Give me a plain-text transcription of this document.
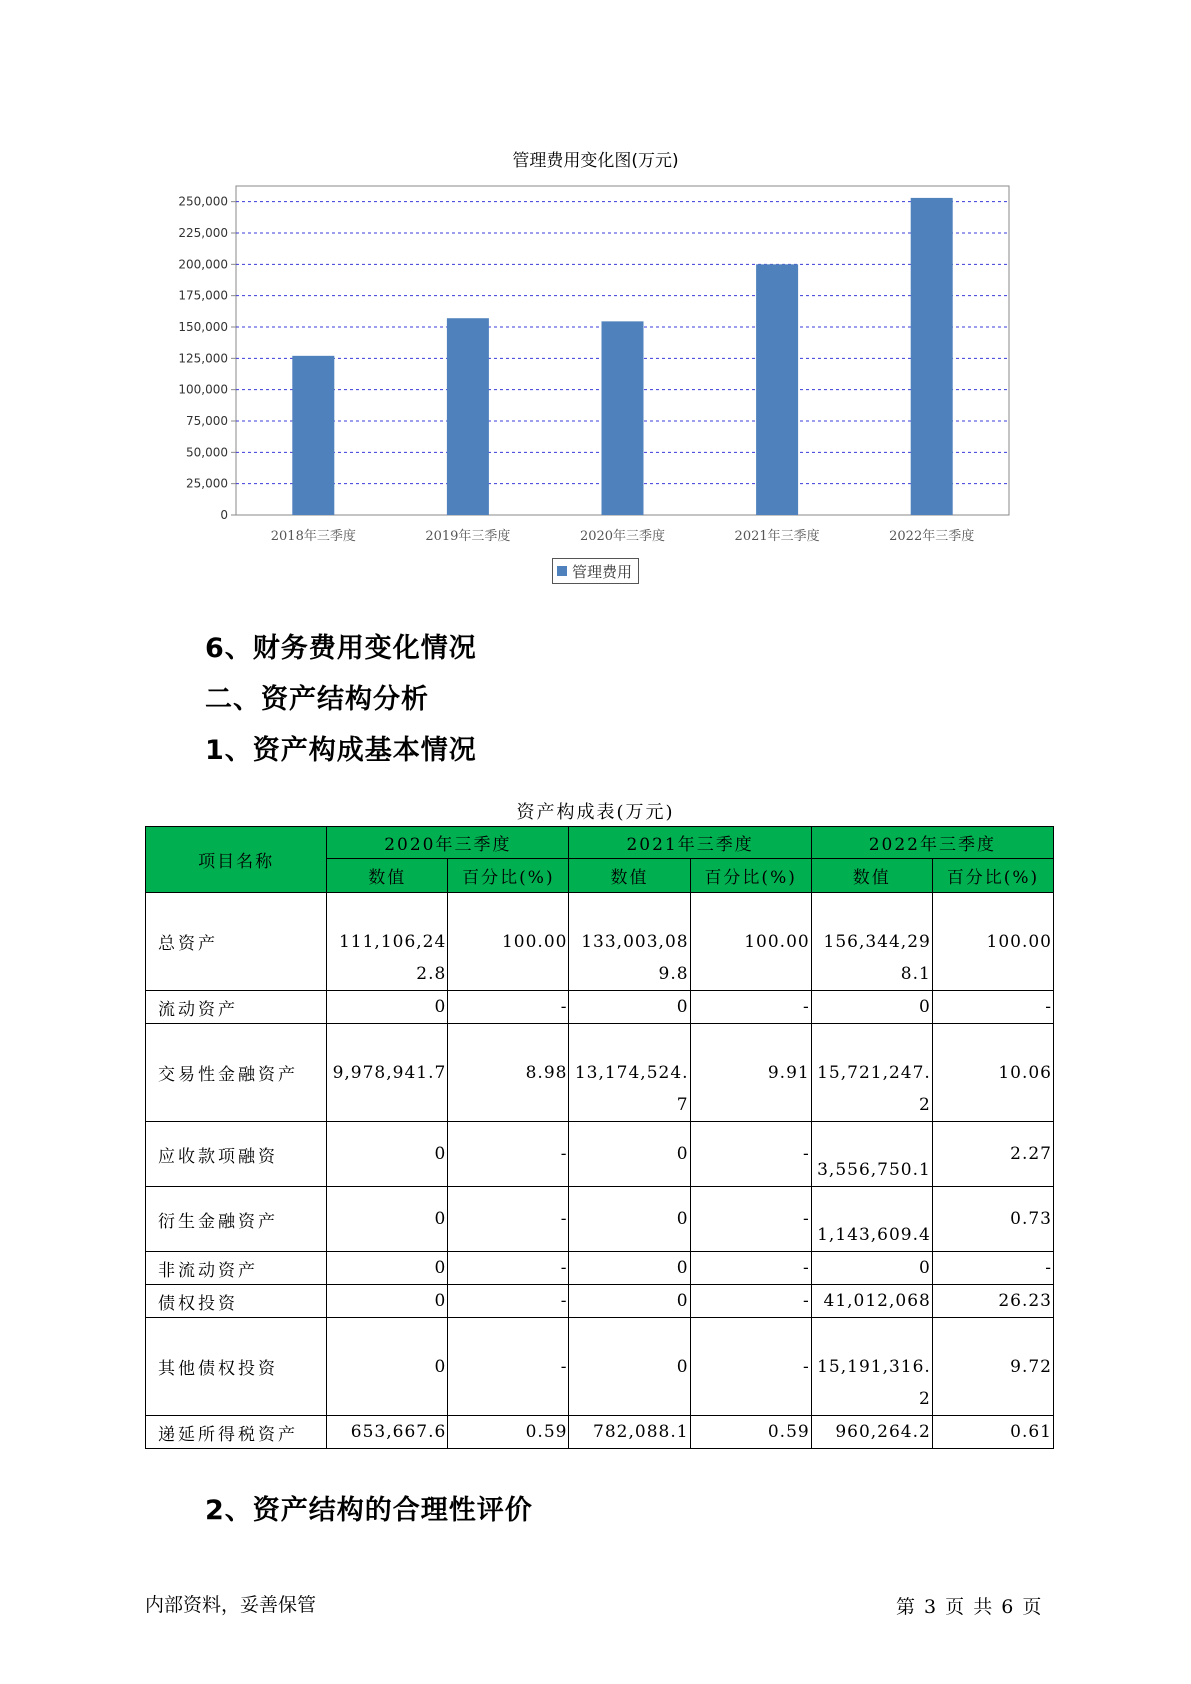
管理费用变化图(万元)
0
25,000
50,000
75,000
100,000
125,000
150,000
175,000
200,000
225,000
250,000
2018年三季度	2019年三季度	2020年三季度	2021年三季度	2022年三季度
管理费用
6、财务费用变化情况
二、资产结构分析
1、资产构成基本情况
资产构成表(万元)
项目名称	2020年三季度		2021年三季度		2022年三季度	
	数值	百分比(%)	数值	百分比(%)	数值	百分比(%)
总资产	111,106,242.8	100.00	133,003,089.8	100.00	156,344,298.1	100.00
流动资产	0	-	0	-	0	-
交易性金融资产	9,978,941.7	8.98	13,174,524.7	9.91	15,721,247.2	10.06
应收款项融资	0	-	0	-	3,556,750.1	2.27
衍生金融资产	0	-	0	-	1,143,609.4	0.73
非流动资产	0	-	0	-	0	-
债权投资	0	-	0	-	41,012,068	26.23
其他债权投资	0	-	0	-	15,191,316.2	9.72
递延所得税资产	653,667.6	0.59	782,088.1	0.59	960,264.2	0.61
2、资产结构的合理性评价
内部资料，妥善保管	第 3 页 共 6 页
